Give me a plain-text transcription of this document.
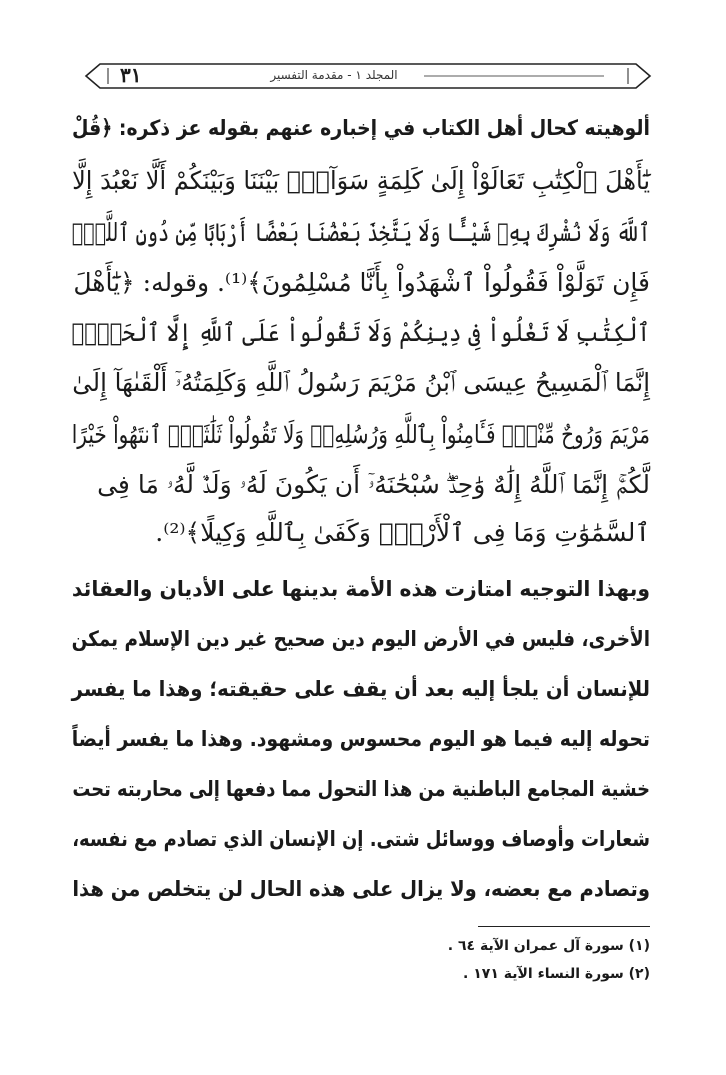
٣١	المجلد ١ - مقدمة التفسير
ألوهيته كحال أهل الكتاب في إخباره عنهم بقوله عز ذكره: ﴿قُلْ
يَٰٓأَهْلَ ٱلْكِتَٰبِ تَعَالَوْاْ إِلَىٰ كَلِمَةٍ سَوَآءِۭ بَيْنَنَا وَبَيْنَكُمْ أَلَّا نَعْبُدَ إِلَّا
ٱللَّهَ وَلَا نُشْرِكَ بِهِۦ شَيْـًٔا وَلَا يَتَّخِذَ بَعْضُنَا بَعْضًا أَرْبَابًا مِّن دُونِ ٱللَّهِۚ
فَإِن تَوَلَّوْاْ فَقُولُواْ ٱشْهَدُواْ بِأَنَّا مُسْلِمُونَ﴾⁽¹⁾. وقوله: ﴿يَٰٓأَهْلَ
ٱلْكِتَٰبِ لَا تَغْلُواْ فِى دِينِكُمْ وَلَا تَقُولُواْ عَلَى ٱللَّهِ إِلَّا ٱلْحَقَّۚ
إِنَّمَا ٱلْمَسِيحُ عِيسَى ٱبْنُ مَرْيَمَ رَسُولُ ٱللَّهِ وَكَلِمَتُهُۥٓ أَلْقَىٰهَآ إِلَىٰ
مَرْيَمَ وَرُوحٌ مِّنْهُۖ فَـَٔامِنُواْ بِٱللَّهِ وَرُسُلِهِۦۖ وَلَا تَقُولُواْ ثَلَٰثَةٌۚ ٱنتَهُواْ خَيْرًا
لَّكُمْۚ إِنَّمَا ٱللَّهُ إِلَٰهٌ وَٰحِدٌۖ سُبْحَٰنَهُۥٓ أَن يَكُونَ لَهُۥ وَلَدٌۘ لَّهُۥ مَا فِى
ٱلسَّمَٰوَٰتِ وَمَا فِى ٱلْأَرْضِۗ وَكَفَىٰ بِٱللَّهِ وَكِيلًا﴾⁽²⁾.
وبهذا التوجيه امتازت هذه الأمة بدينها على الأديان والعقائد
الأخرى، فليس في الأرض اليوم دين صحيح غير دين الإسلام يمكن
للإنسان أن يلجأ إليه بعد أن يقف على حقيقته؛ وهذا ما يفسر
تحوله إليه فيما هو اليوم محسوس ومشهود. وهذا ما يفسر أيضاً
خشية المجامع الباطنية من هذا التحول مما دفعها إلى محاربته تحت
شعارات وأوصاف ووسائل شتى. إن الإنسان الذي تصادم مع نفسه،
وتصادم مع بعضه، ولا يزال على هذه الحال لن يتخلص من هذا
(١) سورة آل عمران الآية ٦٤ .
(٢) سورة النساء الآية ١٧١ .
